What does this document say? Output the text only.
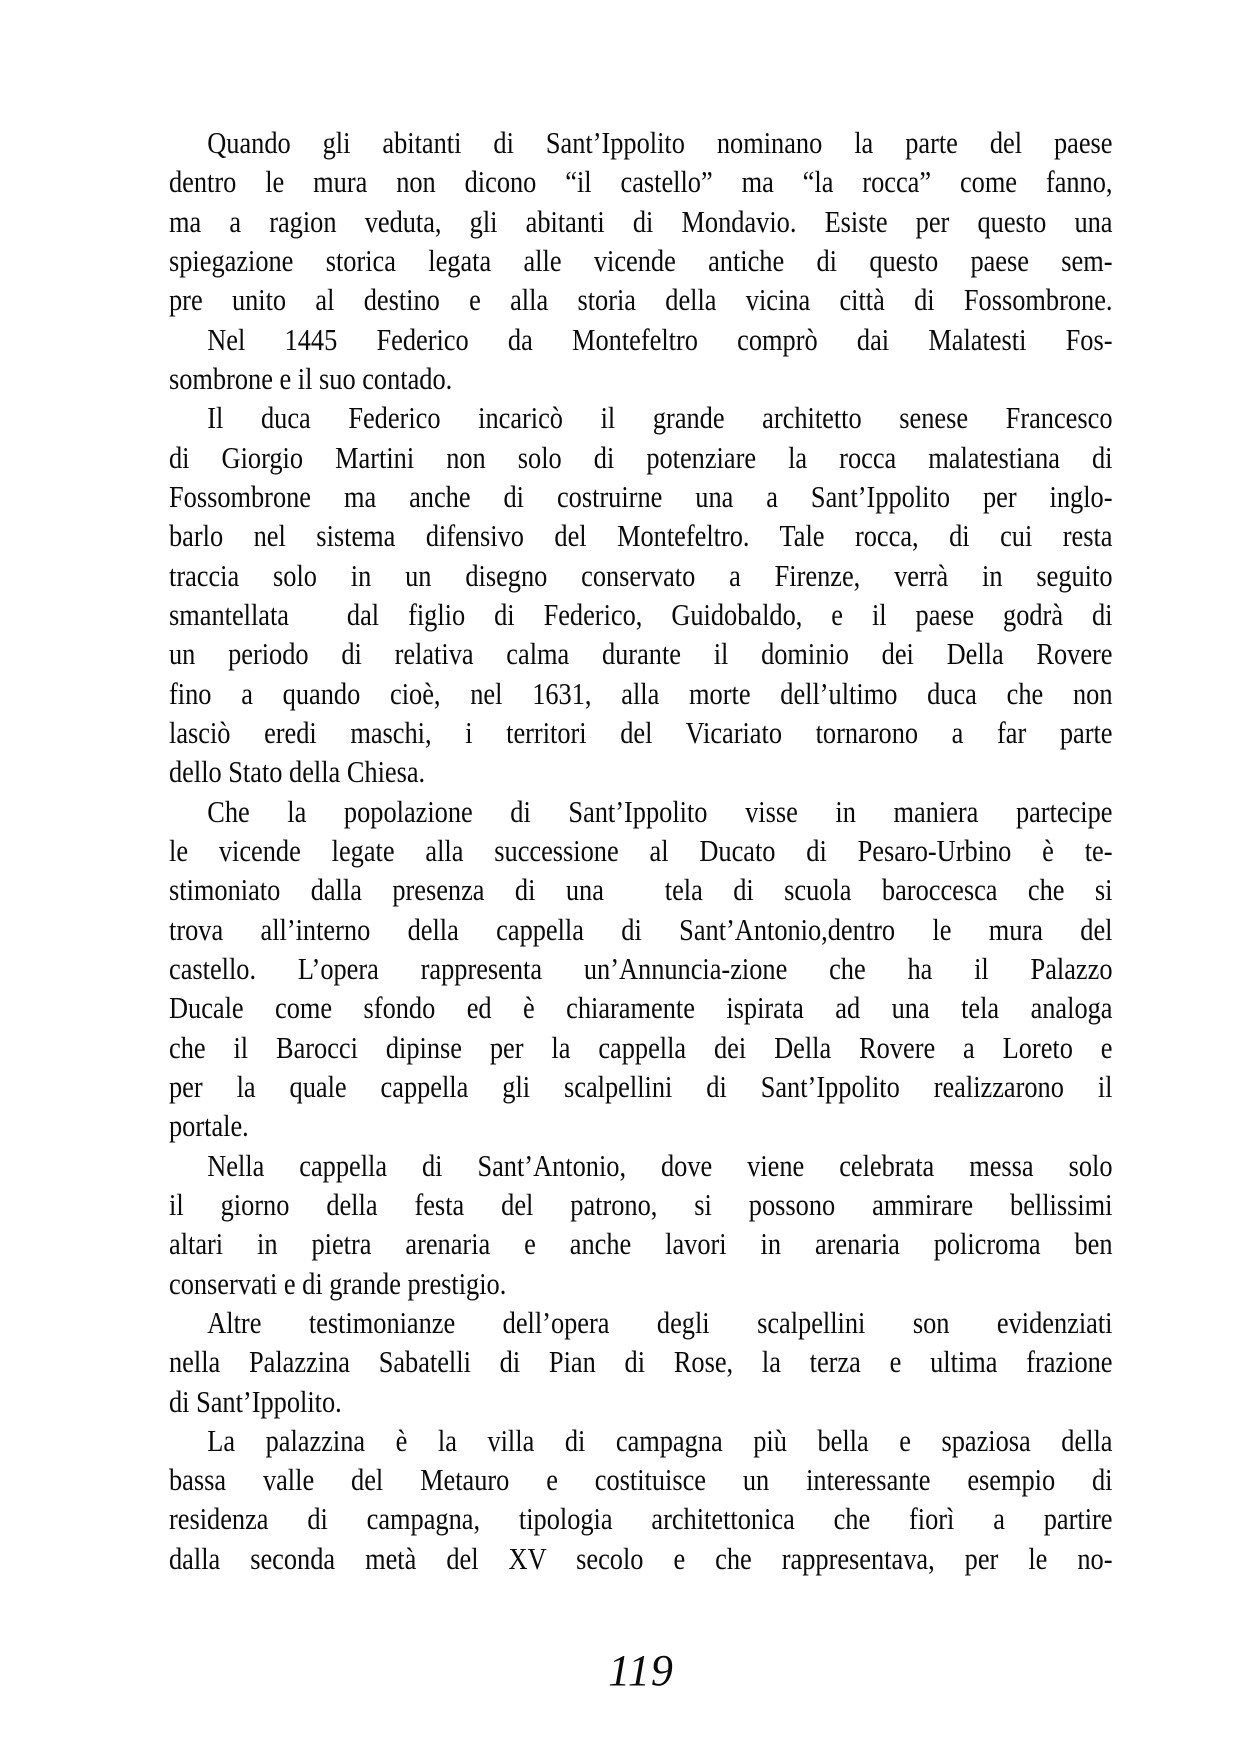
Quando gli abitanti di Sant’Ippolito nominano la parte del paese
dentro le mura non dicono “il castello” ma “la rocca” come fanno,
ma a ragion veduta, gli abitanti di Mondavio. Esiste per questo una
spiegazione storica legata alle vicende antiche di questo paese sem-
pre unito al destino e alla storia della vicina città di Fossombrone.
Nel 1445 Federico da Montefeltro comprò dai Malatesti Fos-
sombrone e il suo contado.
Il duca Federico incaricò il grande architetto senese Francesco
di Giorgio Martini non solo di potenziare la rocca malatestiana di
Fossombrone ma anche di costruirne una a Sant’Ippolito per inglo-
barlo nel sistema difensivo del Montefeltro. Tale rocca, di cui resta
traccia solo in un disegno conservato a Firenze, verrà in seguito
smantellata  dal figlio di Federico, Guidobaldo, e il paese godrà di
un periodo di relativa calma durante il dominio dei Della Rovere
fino a quando cioè, nel 1631, alla morte dell’ultimo duca che non
lasciò eredi maschi, i territori del Vicariato tornarono a far parte
dello Stato della Chiesa.
Che la popolazione di Sant’Ippolito visse in maniera partecipe
le vicende legate alla successione al Ducato di Pesaro-Urbino è te-
stimoniato dalla presenza di una  tela di scuola baroccesca che si
trova all’interno della cappella di Sant’Antonio,dentro le mura del
castello. L’opera rappresenta un’Annuncia-zione che ha il Palazzo
Ducale come sfondo ed è chiaramente ispirata ad una tela analoga
che il Barocci dipinse per la cappella dei Della Rovere a Loreto e
per la quale cappella gli scalpellini di Sant’Ippolito realizzarono il
portale.
Nella cappella di Sant’Antonio, dove viene celebrata messa solo
il giorno della festa del patrono, si possono ammirare bellissimi
altari in pietra arenaria e anche lavori in arenaria policroma ben
conservati e di grande prestigio.
Altre testimonianze dell’opera degli scalpellini son evidenziati
nella Palazzina Sabatelli di Pian di Rose, la terza e ultima frazione
di Sant’Ippolito.
La palazzina è la villa di campagna più bella e spaziosa della
bassa valle del Metauro e costituisce un interessante esempio di
residenza di campagna, tipologia architettonica che fiorì a partire
dalla seconda metà del XV secolo e che rappresentava, per le no-
119
